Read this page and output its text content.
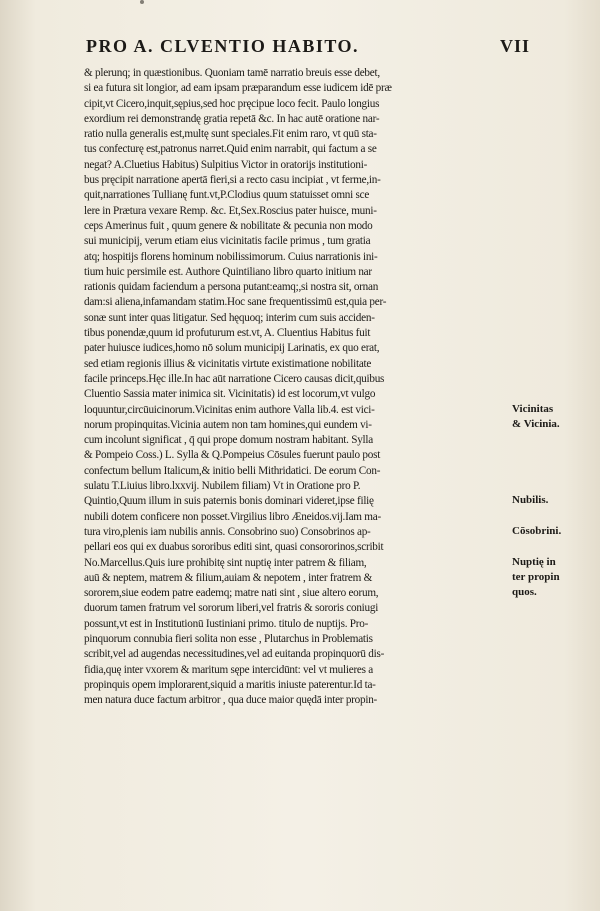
PRO A. CLVENTIO HABITO.	VII
& plerunq; in quæstionibus. Quoniam tamē narratio breuis esse debet,
si ea futura sit longior, ad eam ipsam præparandum esse iudicem idē præ
cipit,vt Cicero,inquit,sępius,sed hoc pręcipue loco fecit. Paulo longius
exordium rei demonstrandę gratia repetā &c. In hac autē oratione nar-
ratio nulla generalis est,multę sunt speciales.Fit enim raro, vt quū sta-
tus confecturę est,patronus narret.Quid enim narrabit, qui factum a se
negat? A.Cluetius Habitus) Sulpitius Victor in oratorijs institutioni-
bus pręcipit narratione apertā fieri,si a recto casu incipiat , vt ferme,in-
quit,narrationes Tullianę funt.vt,P.Clodius quum statuisset omni sce
lere in Prætura vexare Remp. &c. Et,Sex.Roscius pater huisce, muni-
ceps Amerinus fuit , quum genere & nobilitate & pecunia non modo
sui municipij, verum etiam eius vicinitatis facile primus , tum gratia
atq; hospitijs florens hominum nobilissimorum. Cuius narrationis ini-
tium huic persimile est. Authore Quintiliano libro quarto initium nar
rationis quidam faciendum a persona putant:eamq;,si nostra sit, ornan
dam:si aliena,infamandam statim.Hoc sane frequentissimū est,quia per-
sonæ sunt inter quas litigatur. Sed hęquoq; interim cum suis acciden-
tibus ponendæ,quum id profuturum est.vt, A. Cluentius Habitus fuit
pater huiusce iudices,homo nō solum municipij Larinatis, ex quo erat,
sed etiam regionis illius & vicinitatis virtute existimatione nobilitate
facile princeps.Hęc ille.In hac aūt narratione Cicero causas dicit,quibus
Cluentio Sassia mater inimica sit. Vicinitatis) id est locorum,vt vulgo
loquuntur,circūuicinorum.Vicinitas enim authore Valla lib.4. est vici-
norum propinquitas.Vicinia autem non tam homines,qui eundem vi-
cum incolunt significat , q̄ qui prope domum nostram habitant. Sylla
& Pompeio Coss.) L. Sylla & Q.Pompeius Cōsules fuerunt paulo post
confectum bellum Italicum,& initio belli Mithridatici. De eorum Con-
sulatu T.Liuius libro.lxxvij. Nubilem filiam) Vt in Oratione pro P.
Quintio,Quum illum in suis paternis bonis dominari videret,ipse filię
nubili dotem conficere non posset.Virgilius libro Æneidos.vij.Iam ma-
tura viro,plenis iam nubilis annis. Consobrino suo) Consobrinos ap-
pellari eos qui ex duabus sororibus editi sint, quasi consororinos,scribit
No.Marcellus.Quis iure prohibitę sint nuptię inter patrem & filiam,
auū & neptem, matrem & filium,auiam & nepotem , inter fratrem &
sororem,siue eodem patre eademq; matre nati sint , siue altero eorum,
duorum tamen fratrum vel sororum liberi,vel fratris & sororis coniugi
possunt,vt est in Institutionū Iustiniani primo. titulo de nuptijs. Pro-
pinquorum connubia fieri solita non esse , Plutarchus in Problematis
scribit,vel ad augendas necessitudines,vel ad euitanda propinquorū dis-
fidia,quę inter vxorem & maritum sępe intercidūnt: vel vt mulieres a
propinquis opem implorarent,siquid a maritis iniuste paterentur.Id ta-
men natura duce factum arbitror , qua duce maior quędā inter propin-
Vicinitas
& Vicinia.
Nubilis.
Cōsobrini.
Nuptię in
ter propin
quos.
